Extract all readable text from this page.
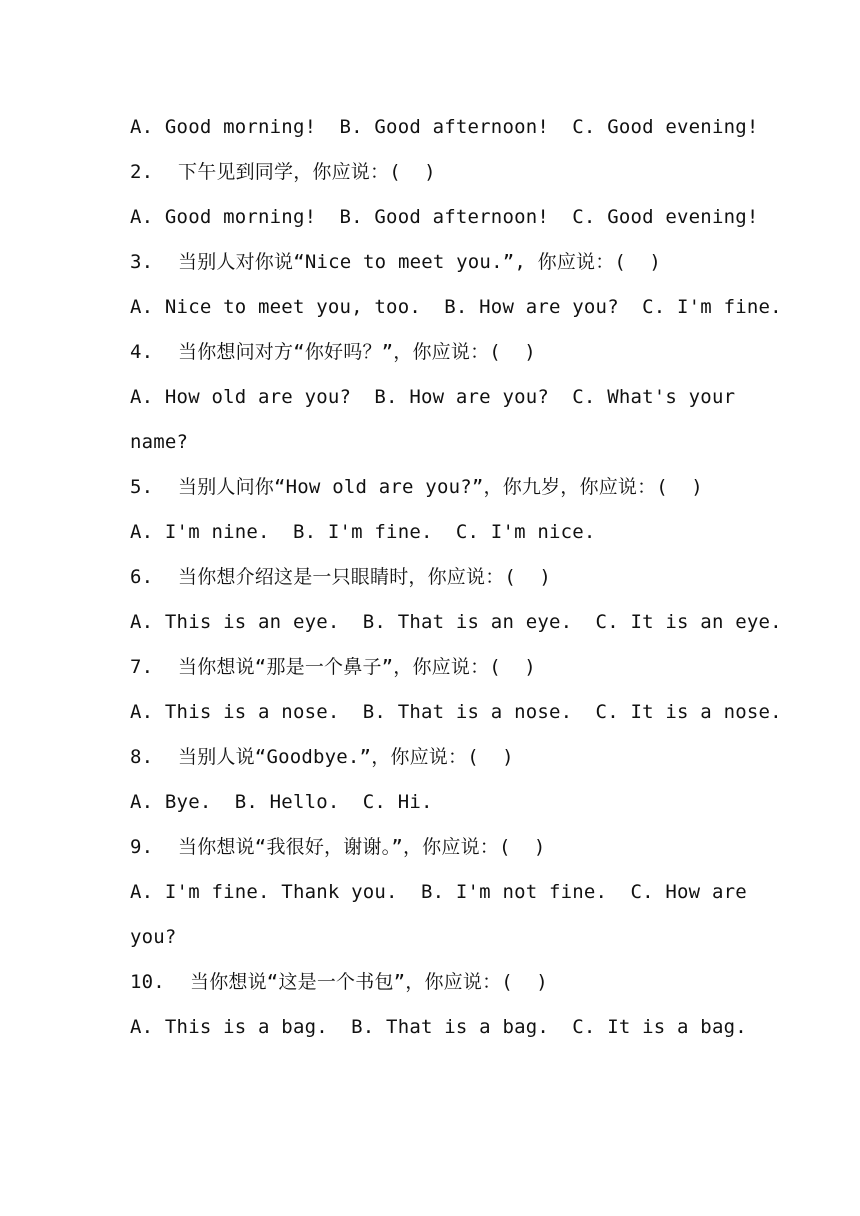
A. Good morning!  B. Good afternoon!  C. Good evening!
2. 下午见到同学，你应说：(  )
A. Good morning!  B. Good afternoon!  C. Good evening!
3. 当别人对你说“Nice to meet you.”, 你应说：(  )
A. Nice to meet you, too.  B. How are you?  C. I'm fine.
4. 当你想问对方“你好吗？”，你应说：(  )
A. How old are you?  B. How are you?  C. What's your
name?
5. 当别人问你“How old are you?”，你九岁，你应说：(  )
A. I'm nine.  B. I'm fine.  C. I'm nice.
6. 当你想介绍这是一只眼睛时，你应说：(  )
A. This is an eye.  B. That is an eye.  C. It is an eye.
7. 当你想说“那是一个鼻子”，你应说：(  )
A. This is a nose.  B. That is a nose.  C. It is a nose.
8. 当别人说“Goodbye.”，你应说：(  )
A. Bye.  B. Hello.  C. Hi.
9. 当你想说“我很好，谢谢。”，你应说：(  )
A. I'm fine. Thank you.  B. I'm not fine.  C. How are
you?
10. 当你想说“这是一个书包”，你应说：(  )
A. This is a bag.  B. That is a bag.  C. It is a bag.
